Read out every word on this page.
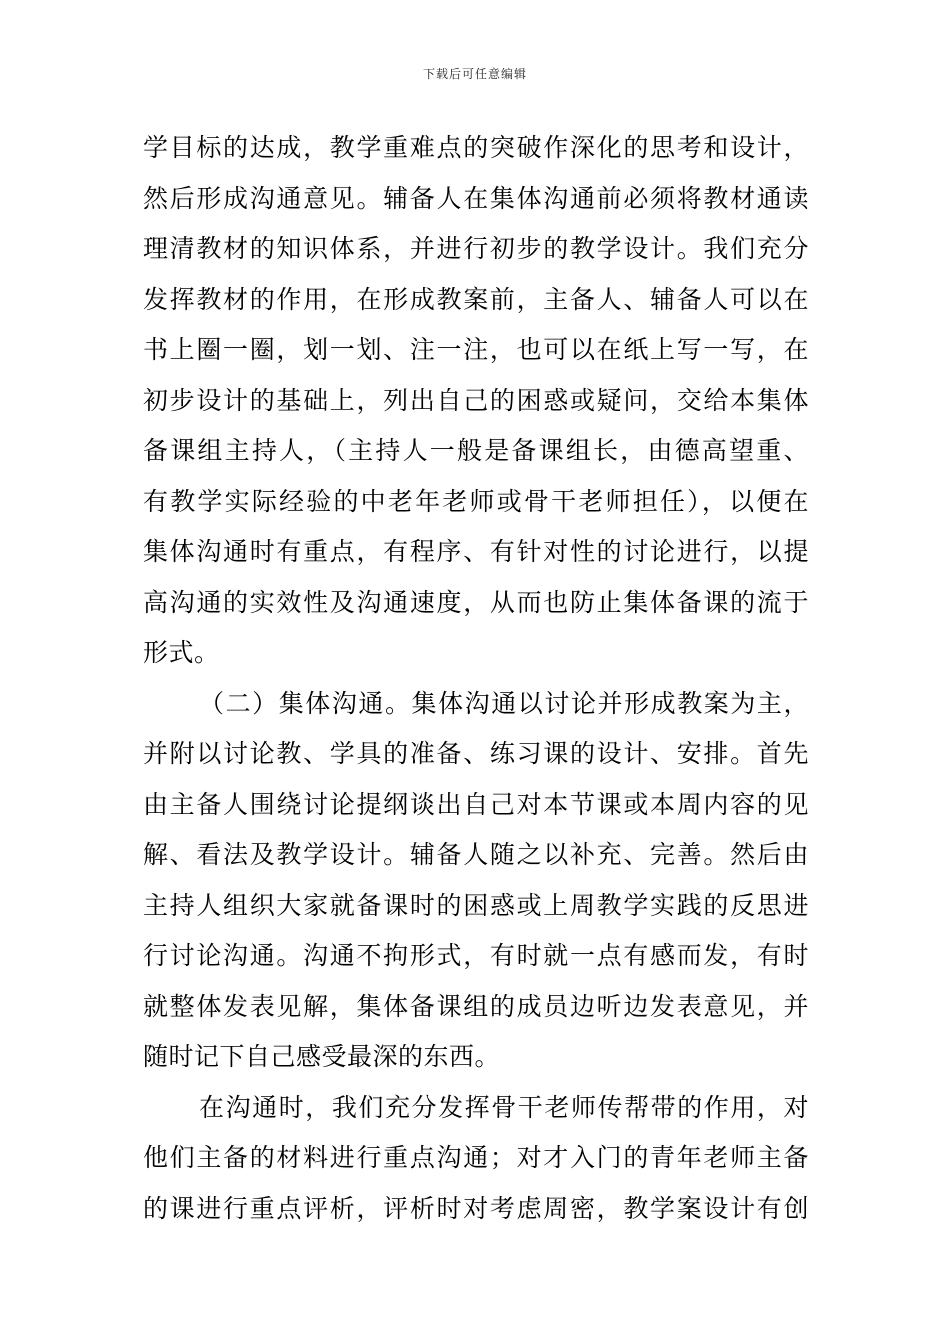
下载后可任意编辑
学目标的达成，教学重难点的突破作深化的思考和设计，
然后形成沟通意见。辅备人在集体沟通前必须将教材通读
理清教材的知识体系，并进行初步的教学设计。我们充分
发挥教材的作用，在形成教案前，主备人、辅备人可以在
书上圈一圈，划一划、注一注，也可以在纸上写一写，在
初步设计的基础上，列出自己的困惑或疑问，交给本集体
备课组主持人，（主持人一般是备课组长，由德高望重、
有教学实际经验的中老年老师或骨干老师担任），以便在
集体沟通时有重点，有程序、有针对性的讨论进行，以提
高沟通的实效性及沟通速度，从而也防止集体备课的流于
形式。
（二）集体沟通。集体沟通以讨论并形成教案为主，
并附以讨论教、学具的准备、练习课的设计、安排。首先
由主备人围绕讨论提纲谈出自己对本节课或本周内容的见
解、看法及教学设计。辅备人随之以补充、完善。然后由
主持人组织大家就备课时的困惑或上周教学实践的反思进
行讨论沟通。沟通不拘形式，有时就一点有感而发，有时
就整体发表见解，集体备课组的成员边听边发表意见，并
随时记下自己感受最深的东西。
在沟通时，我们充分发挥骨干老师传帮带的作用，对
他们主备的材料进行重点沟通；对才入门的青年老师主备
的课进行重点评析，评析时对考虑周密，教学案设计有创
